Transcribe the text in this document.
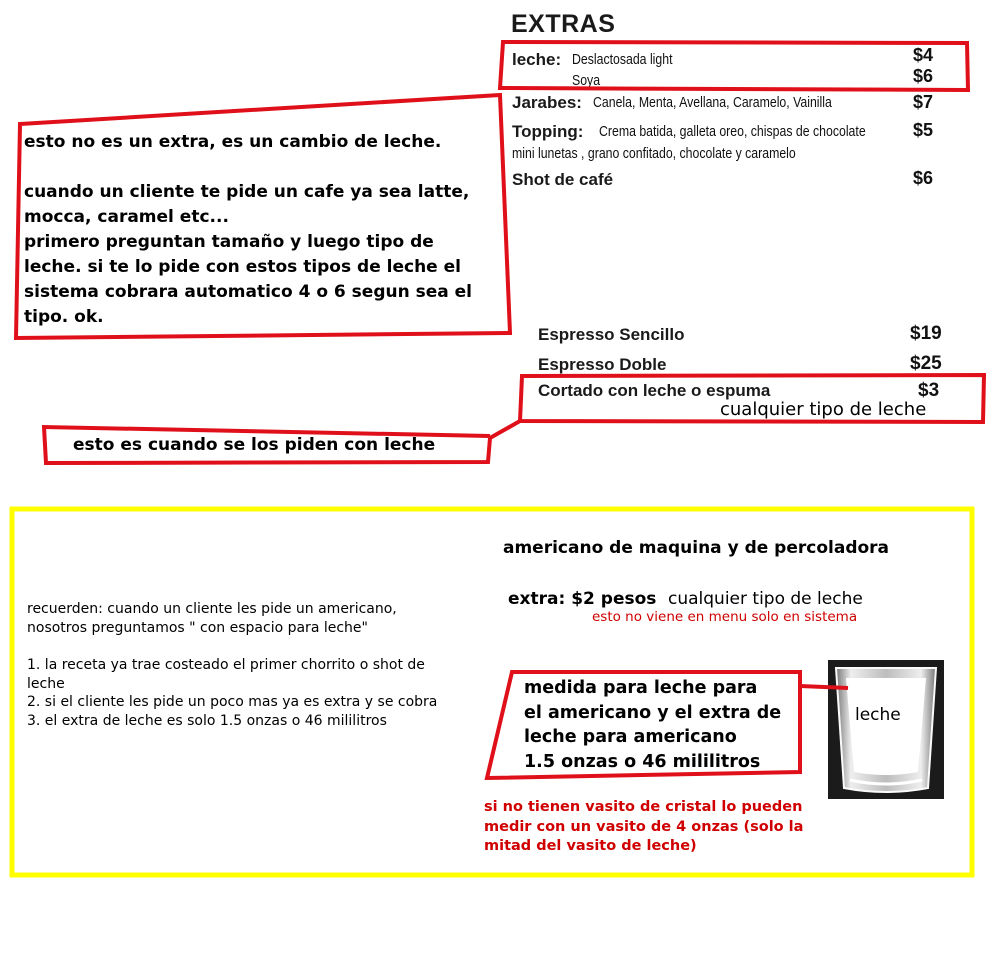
EXTRAS
leche: Deslactosada light	$4
Soya	$6
Jarabes: Canela, Menta, Avellana, Caramelo, Vainilla	$7
Topping: Crema batida, galleta oreo, chispas de chocolate	$5
mini lunetas , grano confitado, chocolate y caramelo
Shot de café	$6
Espresso Sencillo	$19
Espresso Doble	$25
Cortado con leche o espuma	$3
cualquier tipo de leche
esto no es un extra, es un cambio de leche.
cuando un cliente te pide un cafe ya sea latte,
mocca, caramel etc...
primero preguntan tamaño y luego tipo de
leche. si te lo pide con estos tipos de leche el
sistema cobrara automatico 4 o 6 segun sea el
tipo. ok.
esto es cuando se los piden con leche
americano de maquina y de percoladora
extra: $2 pesos cualquier tipo de leche
esto no viene en menu solo en sistema
recuerden: cuando un cliente les pide un americano,
nosotros preguntamos " con espacio para leche"
1. la receta ya trae costeado el primer chorrito o shot de
leche
2. si el cliente les pide un poco mas ya es extra y se cobra
3. el extra de leche es solo 1.5 onzas o 46 mililitros
medida para leche para
el americano y el extra de
leche para americano
1.5 onzas o 46 mililitros
leche
si no tienen vasito de cristal lo pueden
medir con un vasito de 4 onzas (solo la
mitad del vasito de leche)
